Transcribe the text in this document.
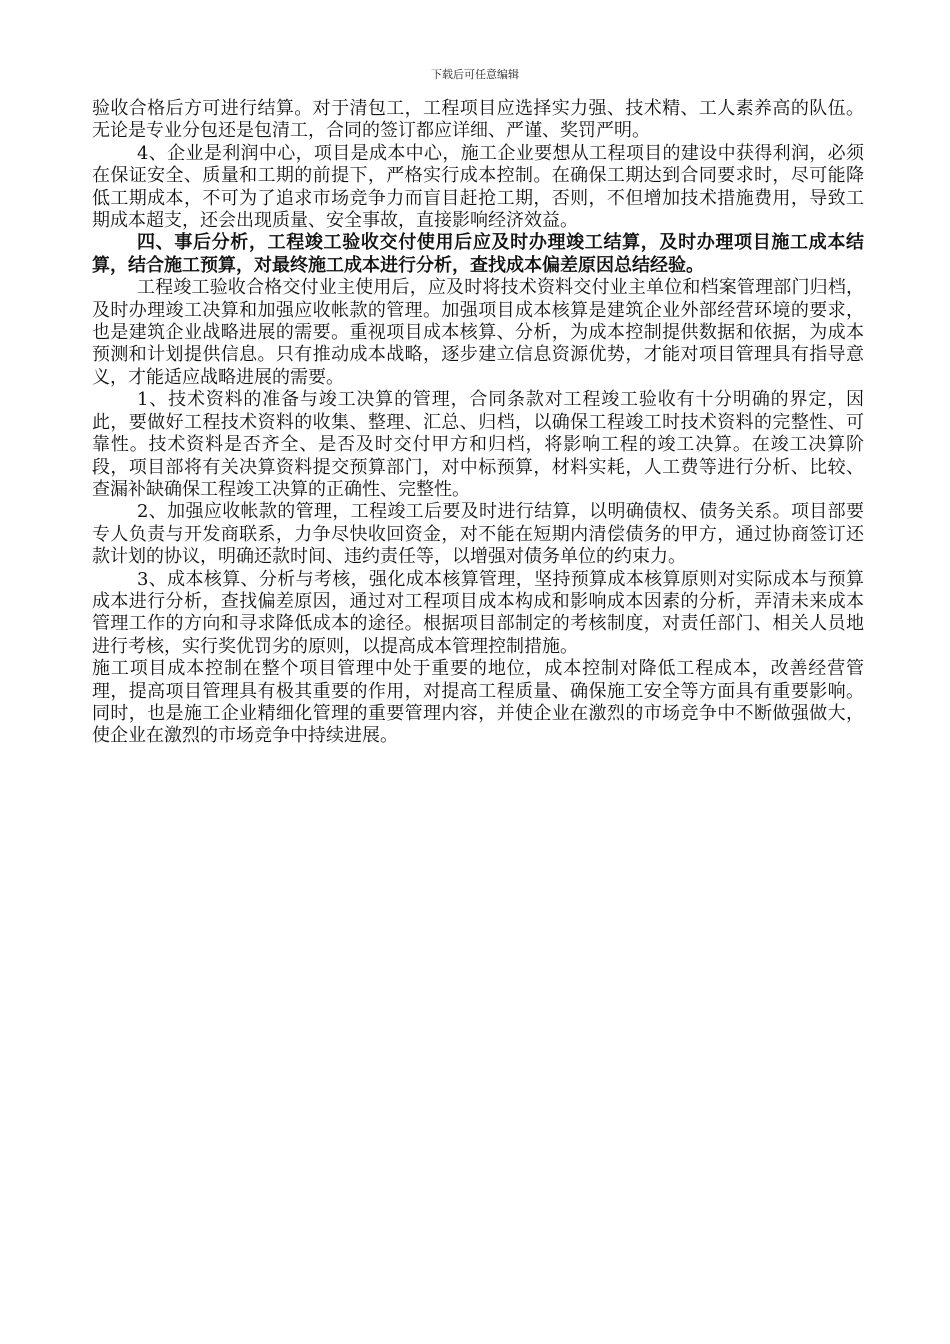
下载后可任意编辑

验收合格后方可进行结算。对于清包工，工程项目应选择实力强、技术精、工人素养高的队伍。无论是专业分包还是包清工，合同的签订都应详细、严谨、奖罚严明。

4、企业是利润中心，项目是成本中心，施工企业要想从工程项目的建设中获得利润，必须在保证安全、质量和工期的前提下，严格实行成本控制。在确保工期达到合同要求时，尽可能降低工期成本，不可为了追求市场竞争力而盲目赶抢工期，否则，不但增加技术措施费用，导致工期成本超支，还会出现质量、安全事故，直接影响经济效益。

四、事后分析，工程竣工验收交付使用后应及时办理竣工结算，及时办理项目施工成本结算，结合施工预算，对最终施工成本进行分析，查找成本偏差原因总结经验。

工程竣工验收合格交付业主使用后，应及时将技术资料交付业主单位和档案管理部门归档，及时办理竣工决算和加强应收帐款的管理。加强项目成本核算是建筑企业外部经营环境的要求，也是建筑企业战略进展的需要。重视项目成本核算、分析，为成本控制提供数据和依据，为成本预测和计划提供信息。只有推动成本战略，逐步建立信息资源优势，才能对项目管理具有指导意义，才能适应战略进展的需要。

1、技术资料的准备与竣工决算的管理，合同条款对工程竣工验收有十分明确的界定，因此，要做好工程技术资料的收集、整理、汇总、归档，以确保工程竣工时技术资料的完整性、可靠性。技术资料是否齐全、是否及时交付甲方和归档，将影响工程的竣工决算。在竣工决算阶段，项目部将有关决算资料提交预算部门，对中标预算，材料实耗，人工费等进行分析、比较、查漏补缺确保工程竣工决算的正确性、完整性。

2、加强应收帐款的管理，工程竣工后要及时进行结算，以明确债权、债务关系。项目部要专人负责与开发商联系，力争尽快收回资金，对不能在短期内清偿债务的甲方，通过协商签订还款计划的协议，明确还款时间、违约责任等，以增强对债务单位的约束力。

3、成本核算、分析与考核，强化成本核算管理，坚持预算成本核算原则对实际成本与预算成本进行分析，查找偏差原因，通过对工程项目成本构成和影响成本因素的分析，弄清未来成本管理工作的方向和寻求降低成本的途径。根据项目部制定的考核制度，对责任部门、相关人员地进行考核，实行奖优罚劣的原则，以提高成本管理控制措施。

施工项目成本控制在整个项目管理中处于重要的地位，成本控制对降低工程成本，改善经营管理，提高项目管理具有极其重要的作用，对提高工程质量、确保施工安全等方面具有重要影响。同时，也是施工企业精细化管理的重要管理内容，并使企业在激烈的市场竞争中不断做强做大，使企业在激烈的市场竞争中持续进展。
